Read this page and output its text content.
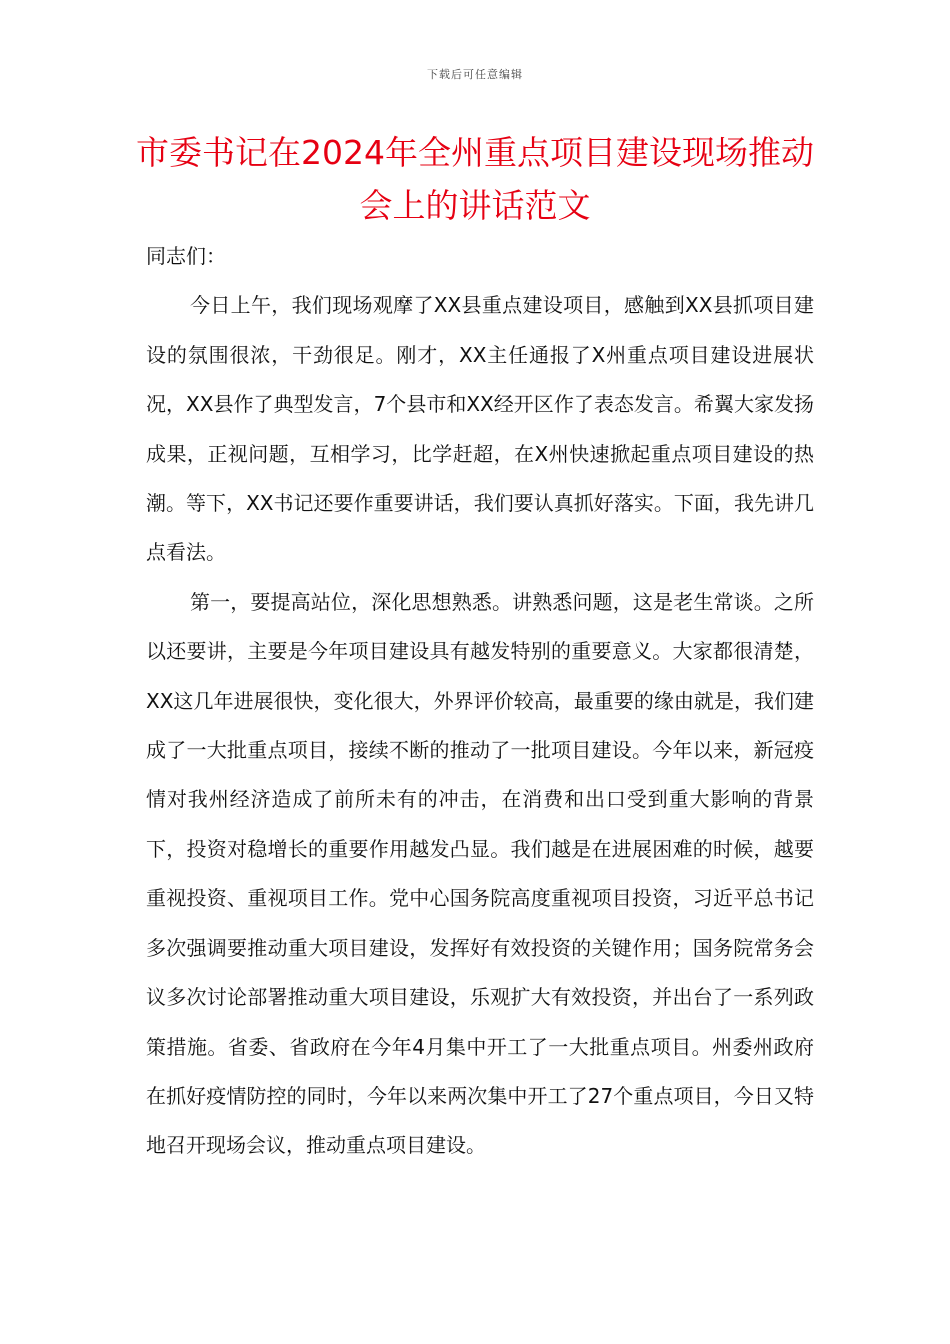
下载后可任意编辑
市委书记在2024年全州重点项目建设现场推动会上的讲话范文

同志们：

今日上午，我们现场观摩了XX县重点建设项目，感触到XX县抓项目建设的氛围很浓，干劲很足。刚才，XX主任通报了X州重点项目建设进展状况，XX县作了典型发言，7个县市和XX经开区作了表态发言。希翼大家发扬成果，正视问题，互相学习，比学赶超，在X州快速掀起重点项目建设的热潮。等下，XX书记还要作重要讲话，我们要认真抓好落实。下面，我先讲几点看法。

第一，要提高站位，深化思想熟悉。讲熟悉问题，这是老生常谈。之所以还要讲，主要是今年项目建设具有越发特别的重要意义。大家都很清楚，XX这几年进展很快，变化很大，外界评价较高，最重要的缘由就是，我们建成了一大批重点项目，接续不断的推动了一批项目建设。今年以来，新冠疫情对我州经济造成了前所未有的冲击，在消费和出口受到重大影响的背景下，投资对稳增长的重要作用越发凸显。我们越是在进展困难的时候，越要重视投资、重视项目工作。党中心国务院高度重视项目投资，习近平总书记多次强调要推动重大项目建设，发挥好有效投资的关键作用；国务院常务会议多次讨论部署推动重大项目建设，乐观扩大有效投资，并出台了一系列政策措施。省委、省政府在今年4月集中开工了一大批重点项目。州委州政府在抓好疫情防控的同时，今年以来两次集中开工了27个重点项目，今日又特地召开现场会议，推动重点项目建设。
